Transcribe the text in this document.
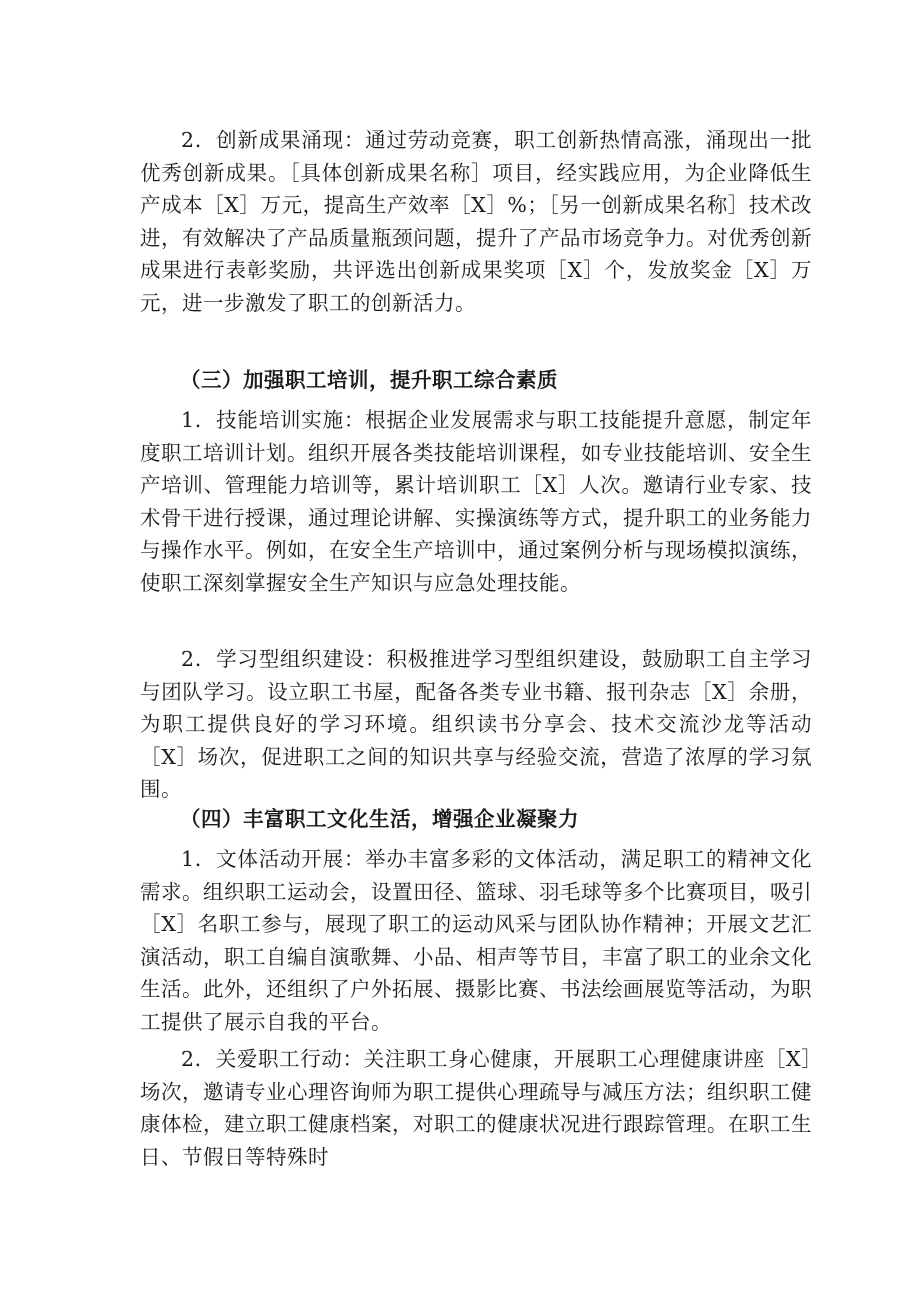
2．创新成果涌现：通过劳动竞赛，职工创新热情高涨，涌现出一批优秀创新成果。［具体创新成果名称］项目，经实践应用，为企业降低生产成本［X］万元，提高生产效率［X］%；［另一创新成果名称］技术改进，有效解决了产品质量瓶颈问题，提升了产品市场竞争力。对优秀创新成果进行表彰奖励，共评选出创新成果奖项［X］个，发放奖金［X］万元，进一步激发了职工的创新活力。

（三）加强职工培训，提升职工综合素质

1．技能培训实施：根据企业发展需求与职工技能提升意愿，制定年度职工培训计划。组织开展各类技能培训课程，如专业技能培训、安全生产培训、管理能力培训等，累计培训职工［X］人次。邀请行业专家、技术骨干进行授课，通过理论讲解、实操演练等方式，提升职工的业务能力与操作水平。例如，在安全生产培训中，通过案例分析与现场模拟演练，使职工深刻掌握安全生产知识与应急处理技能。

2．学习型组织建设：积极推进学习型组织建设，鼓励职工自主学习与团队学习。设立职工书屋，配备各类专业书籍、报刊杂志［X］余册，为职工提供良好的学习环境。组织读书分享会、技术交流沙龙等活动［X］场次，促进职工之间的知识共享与经验交流，营造了浓厚的学习氛围。

（四）丰富职工文化生活，增强企业凝聚力

1．文体活动开展：举办丰富多彩的文体活动，满足职工的精神文化需求。组织职工运动会，设置田径、篮球、羽毛球等多个比赛项目，吸引［X］名职工参与，展现了职工的运动风采与团队协作精神；开展文艺汇演活动，职工自编自演歌舞、小品、相声等节目，丰富了职工的业余文化生活。此外，还组织了户外拓展、摄影比赛、书法绘画展览等活动，为职工提供了展示自我的平台。

2．关爱职工行动：关注职工身心健康，开展职工心理健康讲座［X］场次，邀请专业心理咨询师为职工提供心理疏导与减压方法；组织职工健康体检，建立职工健康档案，对职工的健康状况进行跟踪管理。在职工生日、节假日等特殊时
